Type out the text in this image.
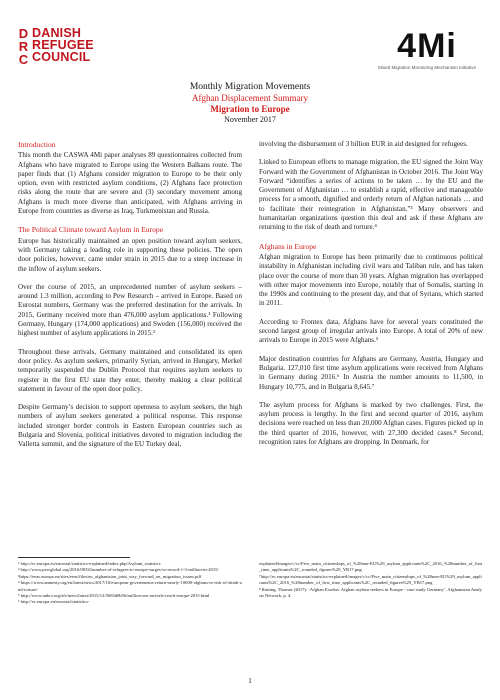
DRC
DANISH
REFUGEE
COUNCIL	4Mi
Mixed Migration Monitoring Mechanism Initiative
Monthly Migration Movements
Afghan Displacement Summary
Migration to Europe
November 2017
Introduction

This month the CASWA 4Mi paper analyses 89 questionnaires collected from Afghans who have migrated to Europe using the Western Balkans route. The paper finds that (1) Afghans consider migration to Europe to be their only option, even with restricted asylum conditions, (2) Afghans face protection risks along the route that are severe and (3) secondary movement among Afghans is much more diverse than anticipated, with Afghans arriving in Europe from countries as diverse as Iraq, Turkmenistan and Russia.

The Political Climate toward Asylum in Europe

Europe has historically maintained an open position toward asylum seekers, with Germany taking a leading role in supporting these policies. The open door policies, however, came under strain in 2015 due to a steep increase in the inflow of asylum seekers.

Over the course of 2015, an unprecedented number of asylum seekers – around 1.3 million, according to Pew Research – arrived in Europe. Based on Eurostat numbers, Germany was the preferred destination for the arrivals. In 2015, Germany received more than 476,000 asylum applications.¹ Following Germany, Hungary (174,000 applications) and Sweden (156,000) received the highest number of asylum applications in 2015.²

Throughout these arrivals, Germany maintained and consolidated its open door policy. As asylum seekers, primarily Syrian, arrived in Hungary, Merkel temporarily suspended the Dublin Protocol that requires asylum seekers to register in the first EU state they enter, thereby making a clear political statement in favour of the open door policy.

Despite Germany’s decision to support openness to asylum seekers, the high numbers of asylum seekers generated a political response. This response included stronger border controls in Eastern European countries such as Bulgaria and Slovenia, political initiatives devoted to migration including the Valletta summit, and the signature of the EU Turkey deal,

involving the disbursement of 3 billion EUR in aid designed for refugees.

Linked to European efforts to manage migration, the EU signed the Joint Way Forward with the Government of Afghanistan in October 2016. The Joint Way Forward “identifies a series of actions to be taken … by the EU and the Government of Afghanistan … to establish a rapid, effective and manageable process for a smooth, dignified and orderly return of Afghan nationals … and to facilitate their reintegration in Afghanistan.”³ Many observers and humanitarian organizations question this deal and ask if these Afghans are returning to the risk of death and torture.⁴

Afghans in Europe

Afghan migration to Europe has been primarily due to continuous political instability in Afghanistan including civil wars and Taliban rule, and has taken place over the course of more than 30 years. Afghan migration has overlapped with other major movements into Europe, notably that of Somalis, starting in the 1990s and continuing to the present day, and that of Syrians, which started in 2011.

According to Frontex data, Afghans have for several years constituted the second largest group of irregular arrivals into Europe. A total of 20% of new arrivals to Europe in 2015 were Afghans.⁵

Major destination countries for Afghans are Germany, Austria, Hungary and Bulgaria. 127,010 first time asylum applications were received from Afghans in Germany during 2016.⁶ In Austria the number amounts to 11,500, in Hungary 10,775, and in Bulgaria 8,645.⁷

The asylum process for Afghans is marked by two challenges. First, the asylum process is lengthy. In the first and second quarter of 2016, asylum decisions were reached on less than 20,000 Afghan cases. Figures picked up in the third quarter of 2016, however, with 27,300 decided cases.⁸ Second, recognition rates for Afghans are dropping. In Denmark, for

¹ http://ec.europa.eu/eurostat/statistics-explained/index.php/Asylum_statistics
² http://www.pewglobal.org/2016/08/02/number-of-refugees-to-europe-surges-to-record-1-3-million-in-2015/
³https://eeas.europa.eu/sites/eeas/files/eu_afghanistan_joint_way_forward_on_migration_issues.pdf
⁴ https://www.amnesty.org/en/latest/news/2017/10/european-governments-return-nearly-10000-afghans-to-risk-of-death-and-torture/
⁵ http://www.unhcr.org/afr/news/latest/2015/12/5683d0b56/million-sea-arrivals-reach-europe-2015.html
⁶ http://ec.europa.eu/eurostat/statistics-
explained/images/c/cc/Five_main_citizenships_of_%28non-EU%29_asylum_applicants%2C_2016_%28number_of_first_time_applicants%2C_rounded_figures%29_YB17.png
⁷http://ec.europa.eu/eurostat/statistics-explained/images/c/cc/Five_main_citizenships_of_%28non-EU%29_asylum_applicants%2C_2016_%28number_of_first_time_applicants%2C_rounded_figures%29_YB17.png
⁸ Rutting, Thomas (2017): ‘Afghan Exodus: Afghan asylum seekers in Europe - case study Germany’, Afghanistan Analysts Network, p. 4.
1
